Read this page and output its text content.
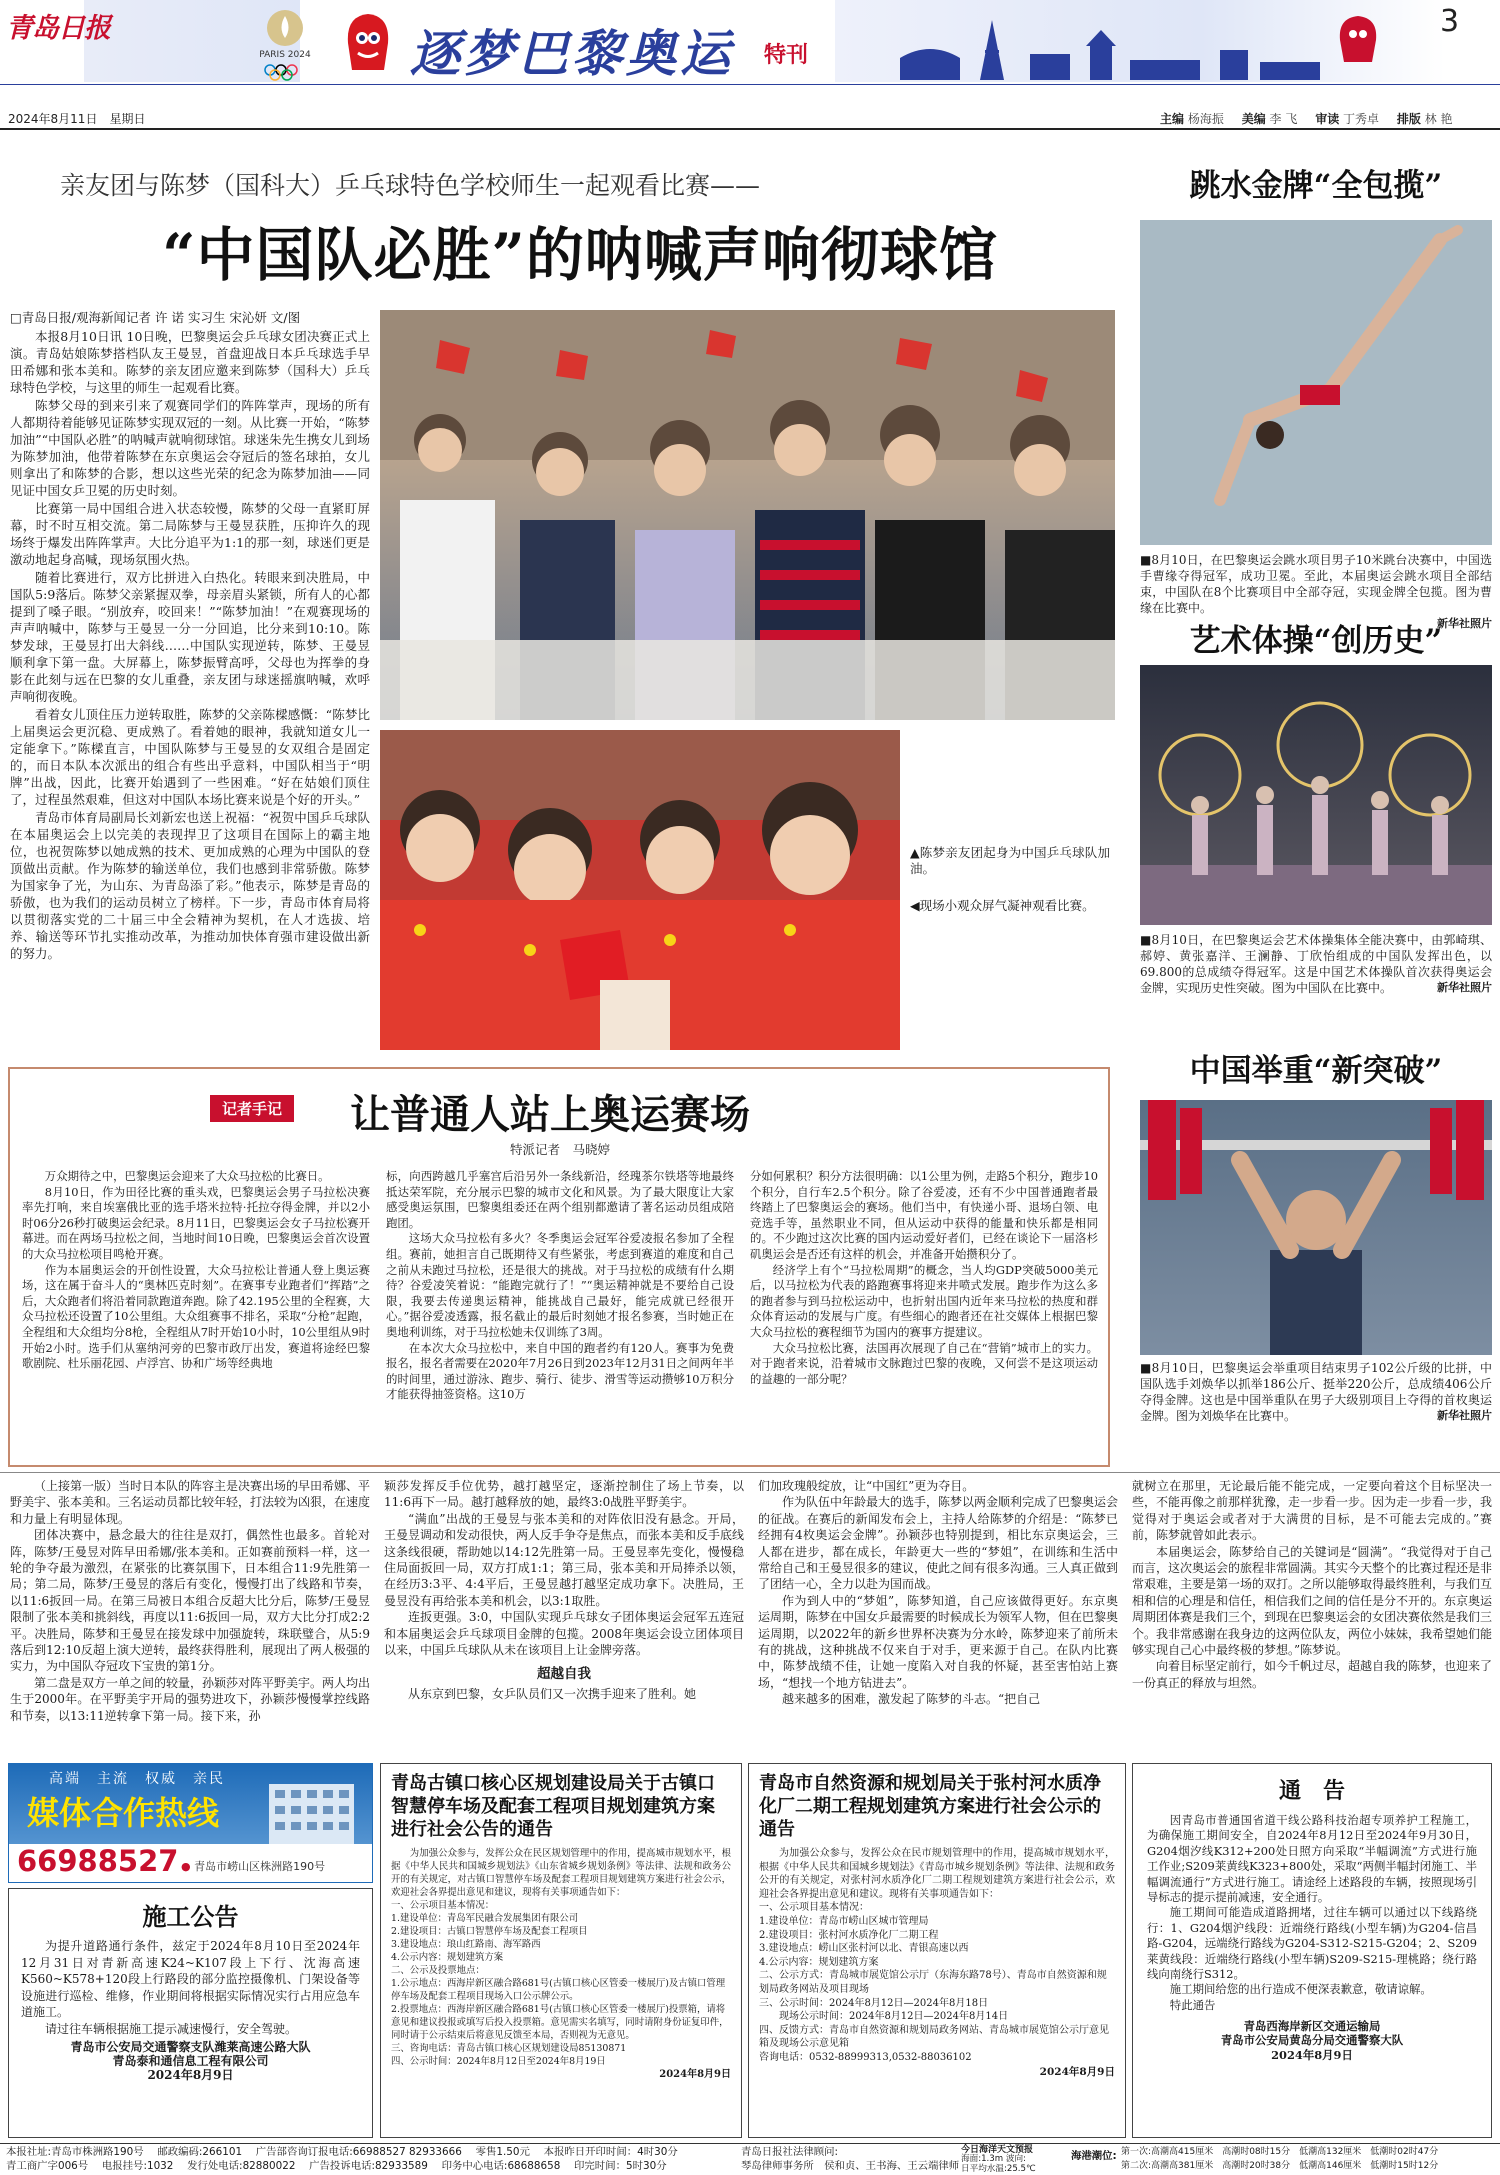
青岛日报
PARIS 2024	逐梦巴黎奥运 特刊
3
2024年8月11日　星期日	主编 杨海振 美编 李 飞 审读 丁秀卓 排版 林 艳
亲友团与陈梦（国科大）乒乓球特色学校师生一起观看比赛——
“中国队必胜”的呐喊声响彻球馆
□青岛日报/观海新闻记者 许 诺 实习生 宋沁妍 文/图
本报8月10日讯 10日晚，巴黎奥运会乒乓球女团决赛正式上演。青岛姑娘陈梦搭档队友王曼昱，首盘迎战日本乒乓球选手早田希娜和张本美和。陈梦的亲友团应邀来到陈梦（国科大）乒乓球特色学校，与这里的师生一起观看比赛。
陈梦父母的到来引来了观赛同学们的阵阵掌声，现场的所有人都期待着能够见证陈梦实现双冠的一刻。从比赛一开始，“陈梦加油”“中国队必胜”的呐喊声就响彻球馆。球迷朱先生携女儿到场为陈梦加油，他带着陈梦在东京奥运会夺冠后的签名球拍，女儿则拿出了和陈梦的合影，想以这些光荣的纪念为陈梦加油——同见证中国女乒卫冕的历史时刻。
比赛第一局中国组合进入状态较慢，陈梦的父母一直紧盯屏幕，时不时互相交流。第二局陈梦与王曼昱获胜，压抑许久的现场终于爆发出阵阵掌声。大比分追平为1:1的那一刻，球迷们更是激动地起身高喊，现场氛围火热。
随着比赛进行，双方比拼进入白热化。转眼来到决胜局，中国队5:9落后。陈梦父亲紧握双拳，母亲眉头紧锁，所有人的心都提到了嗓子眼。“别放弃，咬回来！”“陈梦加油！”在观赛现场的声声呐喊中，陈梦与王曼昱一分一分回追，比分来到10:10。陈梦发球，王曼昱打出大斜线……中国队实现逆转，陈梦、王曼昱顺利拿下第一盘。大屏幕上，陈梦振臂高呼，父母也为挥拳的身影在此刻与远在巴黎的女儿重叠，亲友团与球迷摇旗呐喊，欢呼声响彻夜晚。
看着女儿顶住压力逆转取胜，陈梦的父亲陈樑感慨：“陈梦比上届奥运会更沉稳、更成熟了。看着她的眼神，我就知道女儿一定能拿下。”陈樑直言，中国队陈梦与王曼昱的女双组合是固定的，而日本队本次派出的组合有些出乎意料，中国队相当于“明牌”出战，因此，比赛开始遇到了一些困难。“好在姑娘们顶住了，过程虽然艰难，但这对中国队本场比赛来说是个好的开头。”
青岛市体育局副局长刘新宏也送上祝福：“祝贺中国乒乓球队在本届奥运会上以完美的表现捍卫了这项目在国际上的霸主地位，也祝贺陈梦以她成熟的技术、更加成熟的心理为中国队的登顶做出贡献。作为陈梦的输送单位，我们也感到非常骄傲。陈梦为国家争了光，为山东、为青岛添了彩。”他表示，陈梦是青岛的骄傲，也为我们的运动员树立了榜样。下一步，青岛市体育局将以贯彻落实党的二十届三中全会精神为契机，在人才选拔、培养、输送等环节扎实推动改革，为推动加快体育强市建设做出新的努力。
▲陈梦亲友团起身为中国乒乓球队加油。
◀现场小观众屏气凝神观看比赛。
记者手记	让普通人站上奥运赛场
特派记者　马晓婷
万众期待之中，巴黎奥运会迎来了大众马拉松的比赛日。
8月10日，作为田径比赛的重头戏，巴黎奥运会男子马拉松决赛率先打响，来自埃塞俄比亚的选手塔米拉特·托拉夺得金牌，并以2小时06分26秒打破奥运会纪录。8月11日，巴黎奥运会女子马拉松赛开幕进。而在两场马拉松之间，当地时间10日晚，巴黎奥运会首次设置的大众马拉松项目鸣枪开赛。
作为本届奥运会的开创性设置，大众马拉松让普通人登上奥运赛场，这在属于奋斗人的“奥林匹克时刻”。在赛事专业跑者们“挥踏”之后，大众跑者们将沿着同款跑道奔跑。除了42.195公里的全程赛，大众马拉松还设置了10公里组。大众组赛事不排名，采取“分枪”起跑，全程组和大众组均分8枪，全程组从7时开始10小时，10公里组从9时开始2小时。选手们从塞纳河旁的巴黎市政厅出发，赛道将途经巴黎歌剧院、杜乐丽花园、卢浮宫、协和广场等经典地
标，向西跨越几乎塞宫后沿另外一条线新沿，经瑰茶尔铁塔等地最终抵达荣军院，充分展示巴黎的城市文化和风景。为了最大限度让大家感受奥运氛围，巴黎奥组委还在两个组别都邀请了著名运动员组成陪跑团。
这场大众马拉松有多火？冬季奥运会冠军谷爱凌报名参加了全程组。赛前，她担言自己既期待又有些紧张，考虑到赛道的难度和自己之前从未跑过马拉松，还是很大的挑战。对于马拉松的成绩有什么期待？谷爱凌笑着说：“能跑完就行了！”“奥运精神就是不要给自己设限，我要去传递奥运精神，能挑战自己最好，能完成就已经很开心。”据谷爱凌透露，报名截止的最后时刻她才报名参赛，当时她正在奥地利训练，对于马拉松她未仅训练了3周。
在本次大众马拉松中，来自中国的跑者约有120人。赛事为免费报名，报名者需要在2020年7月26日到2023年12月31日之间两年半的时间里，通过游泳、跑步、骑行、徒步、滑雪等运动攒够10万积分才能获得抽签资格。这10万
分如何累积？积分方法很明确：以1公里为例，走路5个积分，跑步10个积分，自行车2.5个积分。除了谷爱凌，还有不少中国普通跑者最终踏上了巴黎奥运会的赛场。他们当中，有快递小哥、退场白领、电竞选手等，虽然职业不同，但从运动中获得的能量和快乐都是相同的。不少跑过这次比赛的国内运动爱好者们，已经在谈论下一届洛杉矶奥运会是否还有这样的机会，并准备开始攒积分了。
经济学上有个“马拉松周期”的概念，当人均GDP突破5000美元后，以马拉松为代表的路跑赛事将迎来井喷式发展。跑步作为这么多的跑者参与到马拉松运动中，也折射出国内近年来马拉松的热度和群众体育运动的发展与广度。有些细心的跑者还在社交媒体上根据巴黎大众马拉松的赛程细节为国内的赛事方提建议。
大众马拉松比赛，法国再次展现了自己在“营销”城市上的实力。对于跑者来说，沿着城市文脉跑过巴黎的夜晚，又何尝不是这项运动的益趣的一部分呢？
跳水金牌“全包揽”
■8月10日，在巴黎奥运会跳水项目男子10米跳台决赛中，中国选手曹缘夺得冠军，成功卫冕。至此，本届奥运会跳水项目全部结束，中国队在8个比赛项目中全部夺冠，实现金牌全包揽。图为曹缘在比赛中。
新华社照片
艺术体操“创历史”
■8月10日，在巴黎奥运会艺术体操集体全能决赛中，由郭崎琪、郝婷、黄张嘉洋、王澜静、丁欣怡组成的中国队发挥出色，以69.800的总成绩夺得冠军。这是中国艺术体操队首次获得奥运会金牌，实现历史性突破。图为中国队在比赛中。	新华社照片
中国举重“新突破”
■8月10日，巴黎奥运会举重项目结束男子102公斤级的比拼，中国队选手刘焕华以抓举186公斤、挺举220公斤，总成绩406公斤夺得金牌。这也是中国举重队在男子大级别项目上夺得的首枚奥运金牌。图为刘焕华在比赛中。	新华社照片
（上接第一版）当时日本队的阵容主是决赛出场的早田希娜、平野美宇、张本美和。三名运动员都比较年轻，打法较为凶狠，在速度和力量上有明显体现。
团体决赛中，悬念最大的往往是双打，偶然性也最多。首轮对阵，陈梦/王曼昱对阵早田希娜/张本美和。正如赛前预料一样，这一轮的争夺最为激烈，在紧张的比赛氛围下，日本组合11:9先胜第一局；第二局，陈梦/王曼昱的落后有变化，慢慢打出了线路和节奏，以11:6扳回一局。在第三局被日本组合反超大比分后，陈梦/王曼昱限制了张本美和挑斜线，再度以11:6扳回一局，双方大比分打成2:2平。决胜局，陈梦和王曼昱在接发球中加强旋转，珠联璧合，从5:9落后到12:10反超上演大逆转，最终获得胜利，展现出了两人极强的实力，为中国队夺冠攻下宝贵的第1分。
第二盘是双方一单之间的较量，孙颖莎对阵平野美宇。两人均出生于2000年。在平野美宇开局的强势进攻下，孙颖莎慢慢掌控线路和节奏，以13:11逆转拿下第一局。接下来，孙
颖莎发挥反手位优势，越打越坚定，逐渐控制住了场上节奏，以11:6再下一局。越打越释放的她，最终3:0战胜平野美宇。
“满血”出战的王曼昱与张本美和的对阵依旧没有悬念。开局，王曼昱调动和发动很快，两人反手争夺是焦点，而张本美和反手底线这条线很硬，帮助她以14:12先胜第一局。王曼昱率先变化，慢慢稳住局面扳回一局，双方打成1:1；第三局，张本美和开局捧杀以领，在经历3:3平、4:4平后，王曼昱越打越坚定成功拿下。决胜局，王曼昱没有再给张本美和机会，以3:1取胜。
连扳更强。3:0，中国队实现乒乓球女子团体奥运会冠军五连冠和本届奥运会乒乓球项目金牌的包揽。2008年奥运会设立团体项目以来，中国乒乓球队从未在该项目上让金牌旁落。
超越自我
从东京到巴黎，女乒队员们又一次携手迎来了胜利。她
们加玫瑰般绽放，让“中国红”更为夺目。
作为队伍中年龄最大的选手，陈梦以两金顺利完成了巴黎奥运会的征战。在赛后的新闻发布会上，主持人给陈梦的介绍是：“陈梦已经拥有4枚奥运会金牌”。孙颖莎也特别提到，相比东京奥运会，三人都在进步，都在成长，年龄更大一些的“梦姐”，在训练和生活中常给自己和王曼昱很多的建议，使此之间有很多沟通。三人真正做到了团结一心，全力以赴为国而战。
作为到人中的“梦姐”，陈梦知道，自己应该做得更好。东京奥运周期，陈梦在中国女乒最需要的时候成长为领军人物，但在巴黎奥运周期，以2022年的新乡世界杯决赛为分水岭，陈梦迎来了前所未有的挑战，这种挑战不仅来自于对手，更来源于自己。在队内比赛中，陈梦战绩不佳，让她一度陷入对自我的怀疑，甚至害怕站上赛场，“想找一个地方钻进去”。
越来越多的困难，激发起了陈梦的斗志。“把自己
就树立在那里，无论最后能不能完成，一定要向着这个目标坚决一些，不能再像之前那样犹豫，走一步看一步。因为走一步看一步，我觉得对于奥运会或者对于大满贯的目标，是不可能去完成的。”赛前，陈梦就曾如此表示。
本届奥运会，陈梦给自己的关键词是“圆满”。“我觉得对于自己而言，这次奥运会的旅程非常圆满。其实今天整个的比赛过程还是非常艰难，主要是第一场的双打。之所以能够取得最终胜利，与我们互相和信的心理是和信任，相信我们之间的信任是分不开的。东京奥运周期团体赛是我们三个，到现在巴黎奥运会的女团决赛依然是我们三个。我非常感谢在我身边的这两位队友，两位小妹妹，我希望她们能够实现自己心中最终极的梦想。”陈梦说。
向着目标坚定前行，如今千帆过尽，超越自我的陈梦，也迎来了一份真正的释放与坦然。
高端　主流　权威　亲民
媒体合作热线
66988527 ● 青岛市崂山区株洲路190号
施工公告
为提升道路通行条件，兹定于2024年8月10日至2024年12月31日对青新高速K24~K107段上下行、沈海高速K560~K578+120段上行路段的部分监控摄像机、门架设备等设施进行巡检、维修，作业期间将根据实际情况实行占用应急车道施工。
请过往车辆根据施工提示减速慢行，安全驾驶。
青岛市公安局交通警察支队潍莱高速公路大队
青岛泰和通信息工程有限公司
2024年8月9日
青岛古镇口核心区规划建设局关于古镇口智慧停车场及配套工程项目规划建筑方案进行社会公告的通告
为加强公众参与，发挥公众在民区规划管理中的作用，提高城市规划水平，根据《中华人民共和国城乡规划法》《山东省城乡规划条例》等法律、法规和政务公开的有关规定，对古镇口智慧停车场及配套工程项目规划建筑方案进行社会公示，欢迎社会各界提出意见和建议，现将有关事项通告如下：
一、公示项目基本情况：
1.建设单位：青岛军民融合发展集团有限公司
2.建设项目：古镇口智慧停车场及配套工程项目
3.建设地点：琅山红路南、海军路西
4.公示内容：规划建筑方案
二、公示及投票地点：
1.公示地点：西海岸新区融合路681号(古镇口核心区管委一楼展厅)及古镇口管理停车场及配套工程项目现场入口公示牌公示。
2.投票地点：西海岸新区融合路681号(古镇口核心区管委一楼展厅)投票箱，请将意见和建议投报或填写后投入投票箱。意见需实名填写，同时请附身份证复印件，同时请于公示结束后将意见反馈至本局，否则视为无意见。
三、咨询电话：青岛古镇口核心区规划建设局85130871
四、公示时间：2024年8月12日至2024年8月19日
2024年8月9日
青岛市自然资源和规划局关于张村河水质净化厂二期工程规划建筑方案进行社会公示的通告
为加强公众参与，发挥公众在民市规划管理中的作用，提高城市规划水平，根据《中华人民共和国城乡规划法》《青岛市城乡规划条例》等法律、法规和政务公开的有关规定，对张村河水质净化厂二期工程规划建筑方案进行社会公示，欢迎社会各界提出意见和建议。现将有关事项通告如下：
一、公示项目基本情况：
1.建设单位：青岛市崂山区城市管理局
2.建设项目：张村河水质净化厂二期工程
3.建设地点：崂山区张村河以北、青银高速以西
4.公示内容：规划建筑方案
二、公示方式：青岛城市展览馆公示厅（东海东路78号）、青岛市自然资源和规划局政务网站及项目现场
三、公示时间：2024年8月12日—2024年8月18日
　　现场公示时间：2024年8月12日—2024年8月14日
四、反馈方式：青岛市自然资源和规划局政务网站、青岛城市展览馆公示厅意见箱及现场公示意见箱
咨询电话：0532-88999313,0532-88036102
2024年8月9日
通　告
因青岛市普通国省道干线公路科技治超专项养护工程施工，为确保施工期间安全，自2024年8月12日至2024年9月30日，G204烟汐线K312+200处日照方向采取“半幅调流”方式进行施工作业;S209莱黄线K323+800处，采取“两侧半幅封闭施工、半幅调流通行”方式进行施工。请途经上述路段的车辆，按照现场引导标志的提示提前减速，安全通行。
施工期间可能造成道路拥堵，过往车辆可以通过以下线路绕行：1、G204烟沪线段：近端绕行路线(小型车辆)为G204-信昌路-G204，远端绕行路线为G204-S312-S215-G204；2、S209莱黄线段：近端绕行路线(小型车辆)S209-S215-理桃路；绕行路线向南绕行S312。
施工期间给您的出行造成不便深表歉意，敬请谅解。
特此通告
青岛西海岸新区交通运输局
青岛市公安局黄岛分局交通警察大队
2024年8月9日
本报社址:青岛市株洲路190号　 邮政编码:266101　 广告部咨询订报电话:66988527 82933666　 零售1.50元　 本报昨日开印时间：4时30分
青工商广字006号　 电报挂号:1032　 发行处电话:82880022　 广告投诉电话:82933589　 印务中心电话:68688658　 印完时间：5时30分
青岛日报社法律顾问:
琴岛律师事务所　侯和贞、王书海、王云端律师
今日海洋天文预报
海面:1.3m 波向:
日平均水温:25.5℃
海港潮位: 第一次:高潮高415厘米　高潮时08时15分　低潮高132厘米　低潮时02时47分
第二次:高潮高381厘米　高潮时20时38分　低潮高146厘米　低潮时15时12分
